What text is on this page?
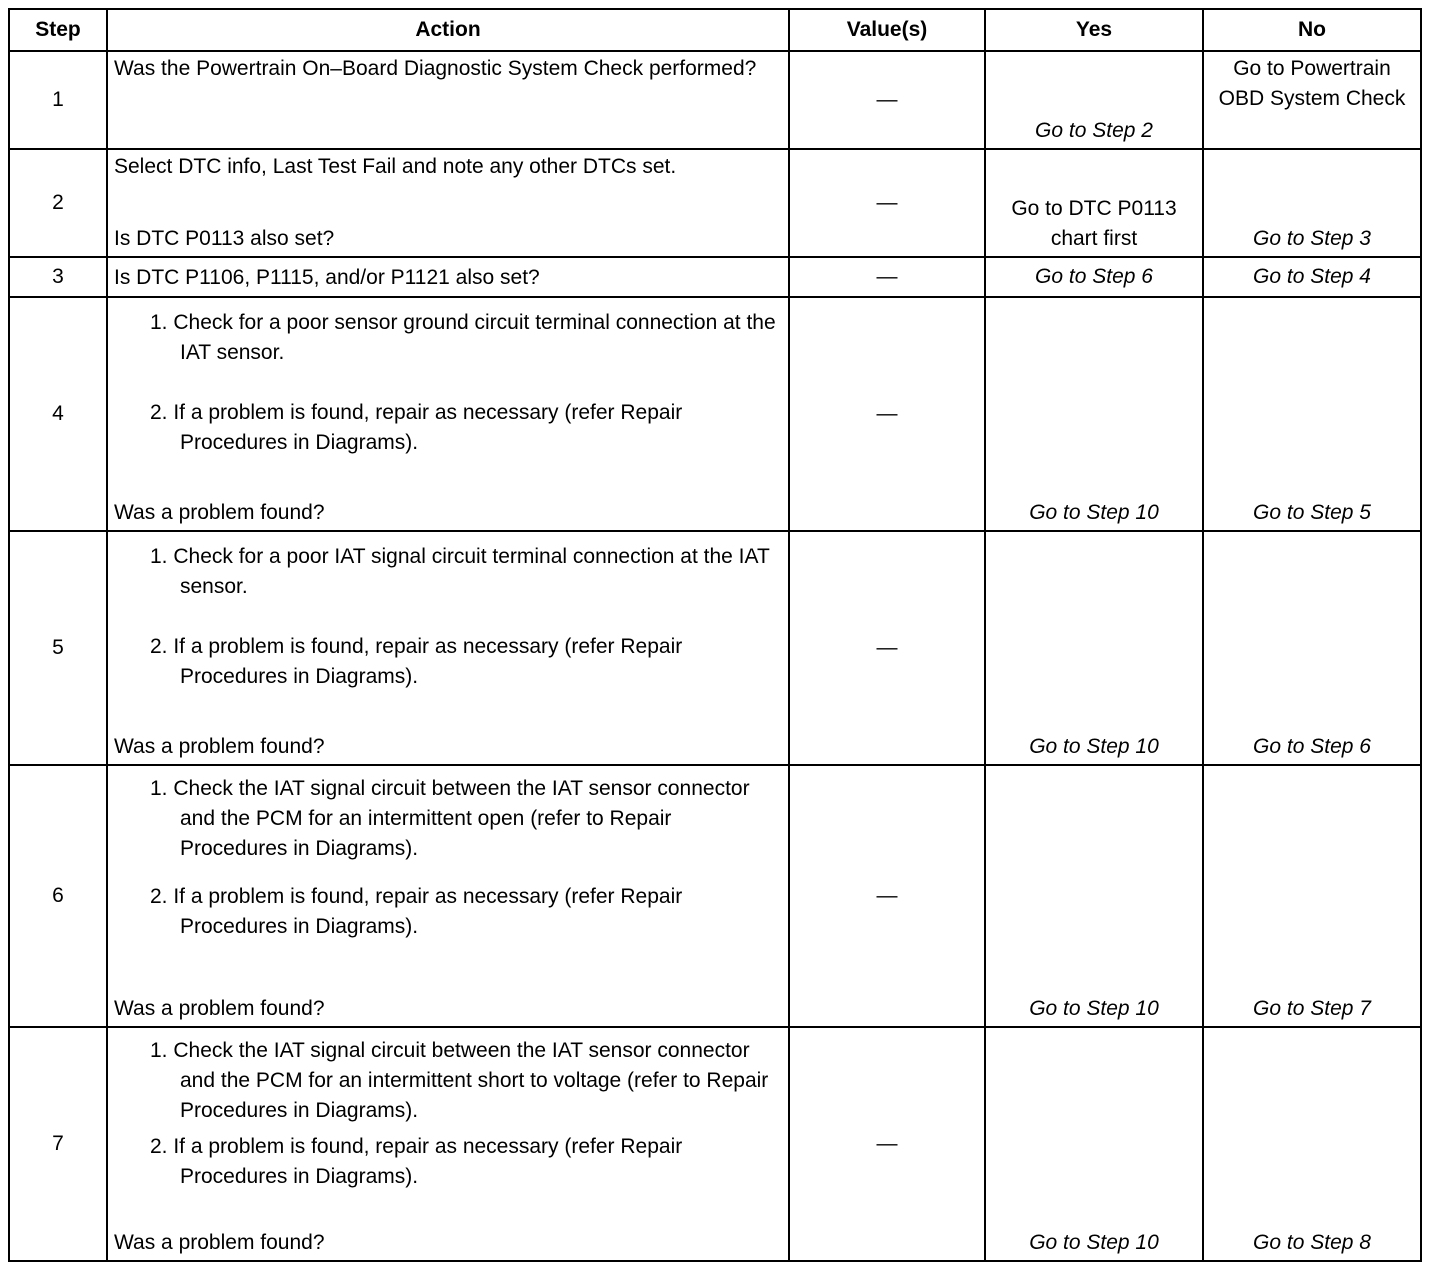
Step	Action	Value(s)	Yes	No
1	Was the Powertrain On–Board Diagnostic System Check performed?	—	Go to Step 2	Go to Powertrain OBD System Check
2	Select DTC info, Last Test Fail and note any other DTCs set.
Is DTC P0113 also set?	—	Go to DTC P0113 chart first	Go to Step 3

3	Is DTC P1106, P1115, and/or P1121 also set?	—	Go to Step 6	Go to Step 4
4	1. Check for a poor sensor ground circuit terminal connection at the IAT sensor.
2. If a problem is found, repair as necessary (refer Repair Procedures in Diagrams).
Was a problem found?	—	Go to Step 10	Go to Step 5

5	1. Check for a poor IAT signal circuit terminal connection at the IAT sensor.
2. If a problem is found, repair as necessary (refer Repair Procedures in Diagrams).
Was a problem found?	—	Go to Step 10	Go to Step 6

6	1. Check the IAT signal circuit between the IAT sensor connector and the PCM for an intermittent open (refer to Repair Procedures in Diagrams).
2. If a problem is found, repair as necessary (refer Repair Procedures in Diagrams).
Was a problem found?	—	Go to Step 10	Go to Step 7

7	1. Check the IAT signal circuit between the IAT sensor connector and the PCM for an intermittent short to voltage (refer to Repair Procedures in Diagrams).
2. If a problem is found, repair as necessary (refer Repair Procedures in Diagrams).
Was a problem found?	—	Go to Step 10	Go to Step 8
